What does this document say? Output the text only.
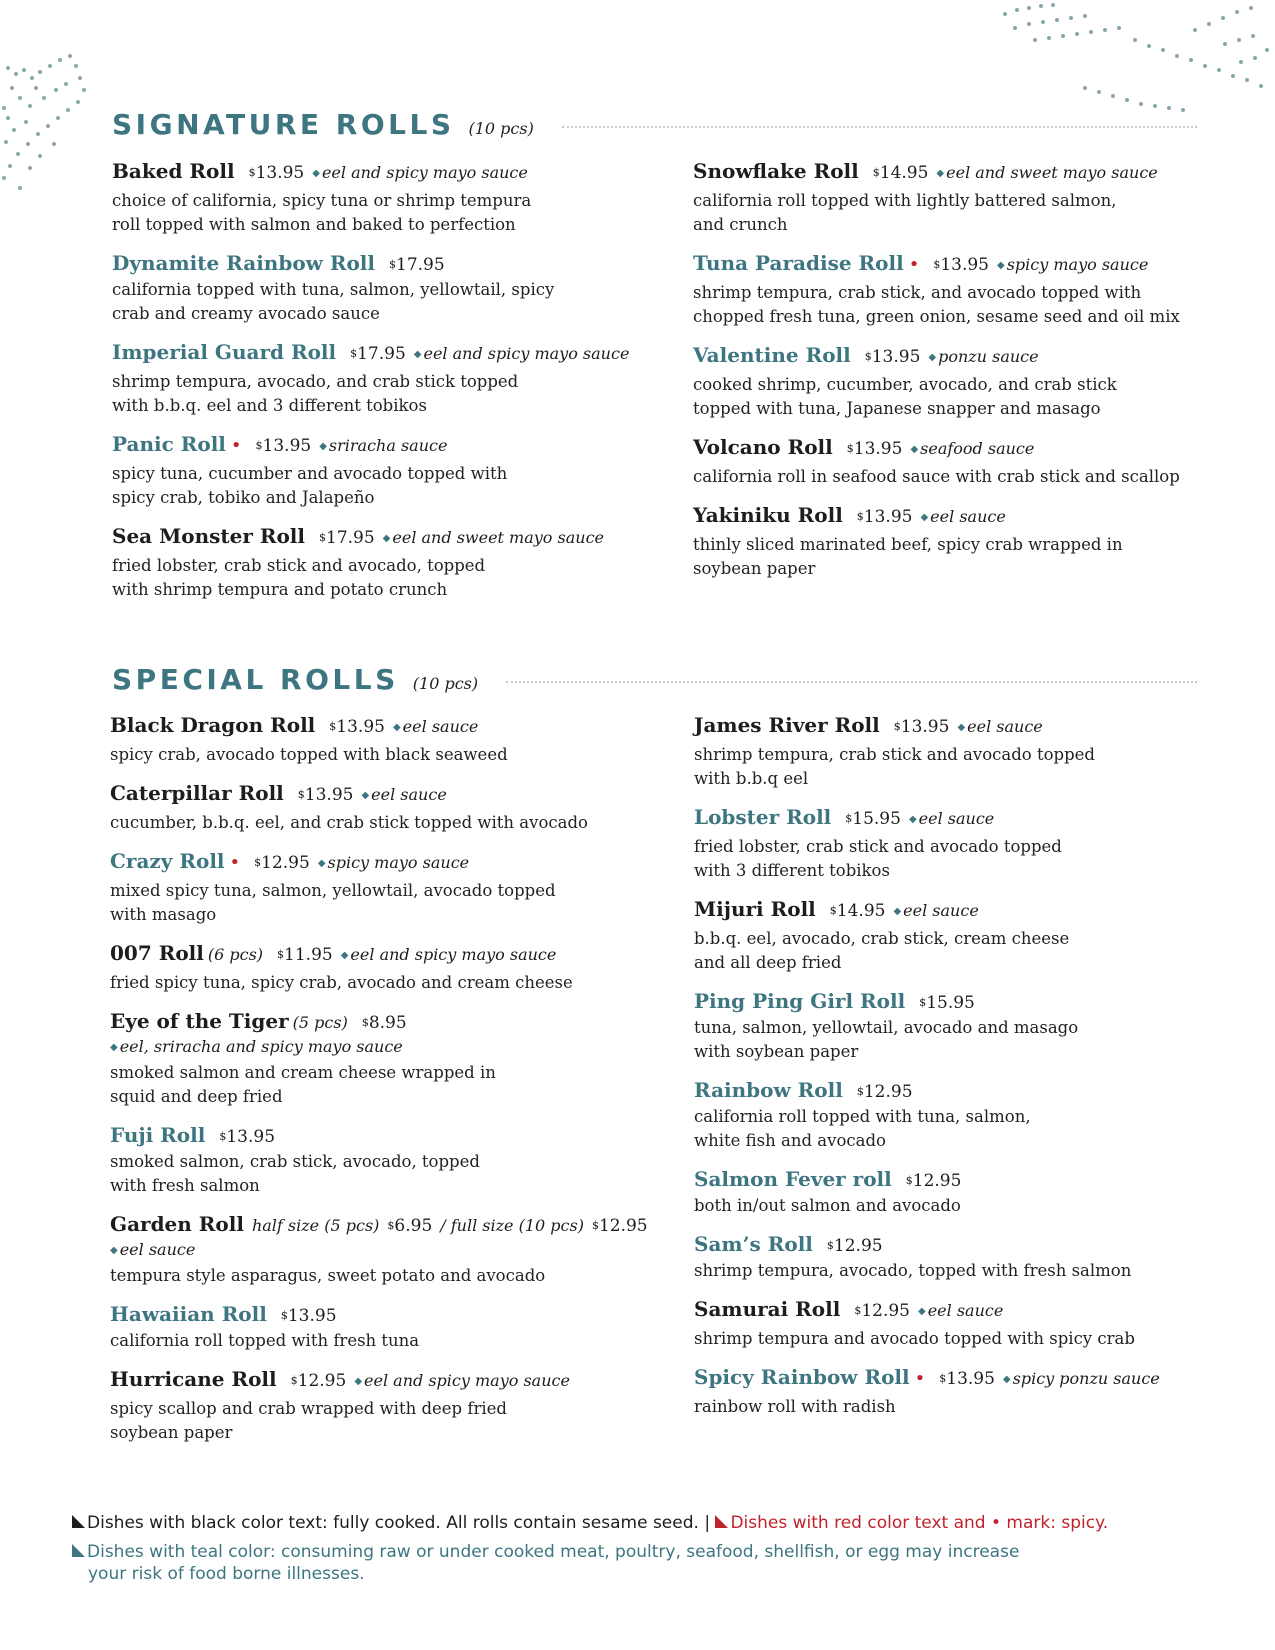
SIGNATURE ROLLS (10 pcs)
Baked Roll $13.95 ◆ eel and spicy mayo sauce
choice of california, spicy tuna or shrimp tempura
roll topped with salmon and baked to perfection
Dynamite Rainbow Roll $17.95
california topped with tuna, salmon, yellowtail, spicy
crab and creamy avocado sauce
Imperial Guard Roll $17.95 ◆ eel and spicy mayo sauce
shrimp tempura, avocado, and crab stick topped
with b.b.q. eel and 3 different tobikos
Panic Roll • $13.95 ◆ sriracha sauce
spicy tuna, cucumber and avocado topped with
spicy crab, tobiko and Jalapeño
Sea Monster Roll $17.95 ◆ eel and sweet mayo sauce
fried lobster, crab stick and avocado, topped
with shrimp tempura and potato crunch
Snowflake Roll $14.95 ◆ eel and sweet mayo sauce
california roll topped with lightly battered salmon,
and crunch
Tuna Paradise Roll • $13.95 ◆ spicy mayo sauce
shrimp tempura, crab stick, and avocado topped with
chopped fresh tuna, green onion, sesame seed and oil mix
Valentine Roll $13.95 ◆ ponzu sauce
cooked shrimp, cucumber, avocado, and crab stick
topped with tuna, Japanese snapper and masago
Volcano Roll $13.95 ◆ seafood sauce
california roll in seafood sauce with crab stick and scallop
Yakiniku Roll $13.95 ◆ eel sauce
thinly sliced marinated beef, spicy crab wrapped in
soybean paper
SPECIAL ROLLS (10 pcs)
Black Dragon Roll $13.95 ◆ eel sauce
spicy crab, avocado topped with black seaweed
Caterpillar Roll $13.95 ◆ eel sauce
cucumber, b.b.q. eel, and crab stick topped with avocado
Crazy Roll • $12.95 ◆ spicy mayo sauce
mixed spicy tuna, salmon, yellowtail, avocado topped
with masago
007 Roll (6 pcs) $11.95 ◆ eel and spicy mayo sauce
fried spicy tuna, spicy crab, avocado and cream cheese
Eye of the Tiger (5 pcs) $8.95
◆ eel, sriracha and spicy mayo sauce
smoked salmon and cream cheese wrapped in
squid and deep fried
Fuji Roll $13.95
smoked salmon, crab stick, avocado, topped
with fresh salmon
Garden Roll half size (5 pcs) $6.95 / full size (10 pcs) $12.95
◆ eel sauce
tempura style asparagus, sweet potato and avocado
Hawaiian Roll $13.95
california roll topped with fresh tuna
Hurricane Roll $12.95 ◆ eel and spicy mayo sauce
spicy scallop and crab wrapped with deep fried
soybean paper
James River Roll $13.95 ◆ eel sauce
shrimp tempura, crab stick and avocado topped
with b.b.q eel
Lobster Roll $15.95 ◆ eel sauce
fried lobster, crab stick and avocado topped
with 3 different tobikos
Mijuri Roll $14.95 ◆ eel sauce
b.b.q. eel, avocado, crab stick, cream cheese
and all deep fried
Ping Ping Girl Roll $15.95
tuna, salmon, yellowtail, avocado and masago
with soybean paper
Rainbow Roll $12.95
california roll topped with tuna, salmon,
white fish and avocado
Salmon Fever roll $12.95
both in/out salmon and avocado
Sam’s Roll $12.95
shrimp tempura, avocado, topped with fresh salmon
Samurai Roll $12.95 ◆ eel sauce
shrimp tempura and avocado topped with spicy crab
Spicy Rainbow Roll • $13.95 ◆ spicy ponzu sauce
rainbow roll with radish
Dishes with black color text: fully cooked. All rolls contain sesame seed. | Dishes with red color text and • mark: spicy.
Dishes with teal color: consuming raw or under cooked meat, poultry, seafood, shellfish, or egg may increase
your risk of food borne illnesses.
